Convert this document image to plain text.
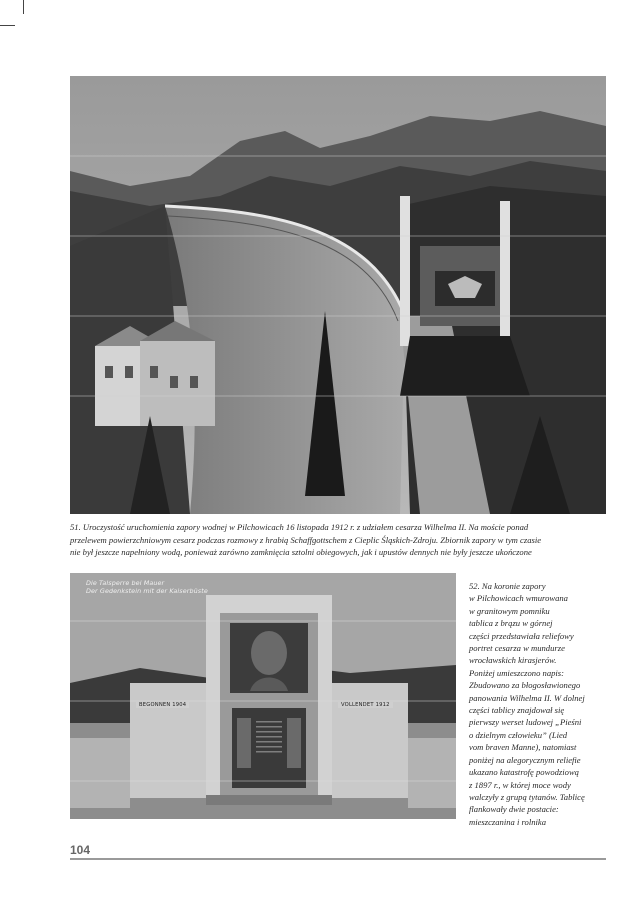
51. Uroczystość uruchomienia zapory wodnej w Pilchowicach 16 listopada 1912 r. z udziałem cesarza Wilhelma II. Na moście ponad
przelewem powierzchniowym cesarz podczas rozmowy z hrabią Schaffgottschem z Cieplic Śląskich-Zdroju. Zbiornik zapory w tym czasie
nie był jeszcze napełniony wodą, ponieważ zarówno zamknięcia sztolni obiegowych, jak i upustów dennych nie były jeszcze ukończone
Die Talsperre bei Mauer
Der Gedenkstein mit der Kaiserbüste
BEGONNEN 1904	VOLLENDET 1912
52. Na koronie zapory
w Pilchowicach wmurowana
w granitowym pomniku
tablica z brązu w górnej
części przedstawiała reliefowy
portret cesarza w mundurze
wrocławskich kirasjerów.
Poniżej umieszczono napis:
Zbudowano za błogosławionego
panowania Wilhelma II. W dolnej
części tablicy znajdował się
pierwszy werset ludowej „Pieśni
o dzielnym człowieku” (Lied
vom braven Manne), natomiast
poniżej na alegorycznym reliefie
ukazano katastrofę powodziową
z 1897 r., w której moce wody
walczyły z grupą tytanów. Tablicę
flankowały dwie postacie:
mieszczanina i rolnika
104
